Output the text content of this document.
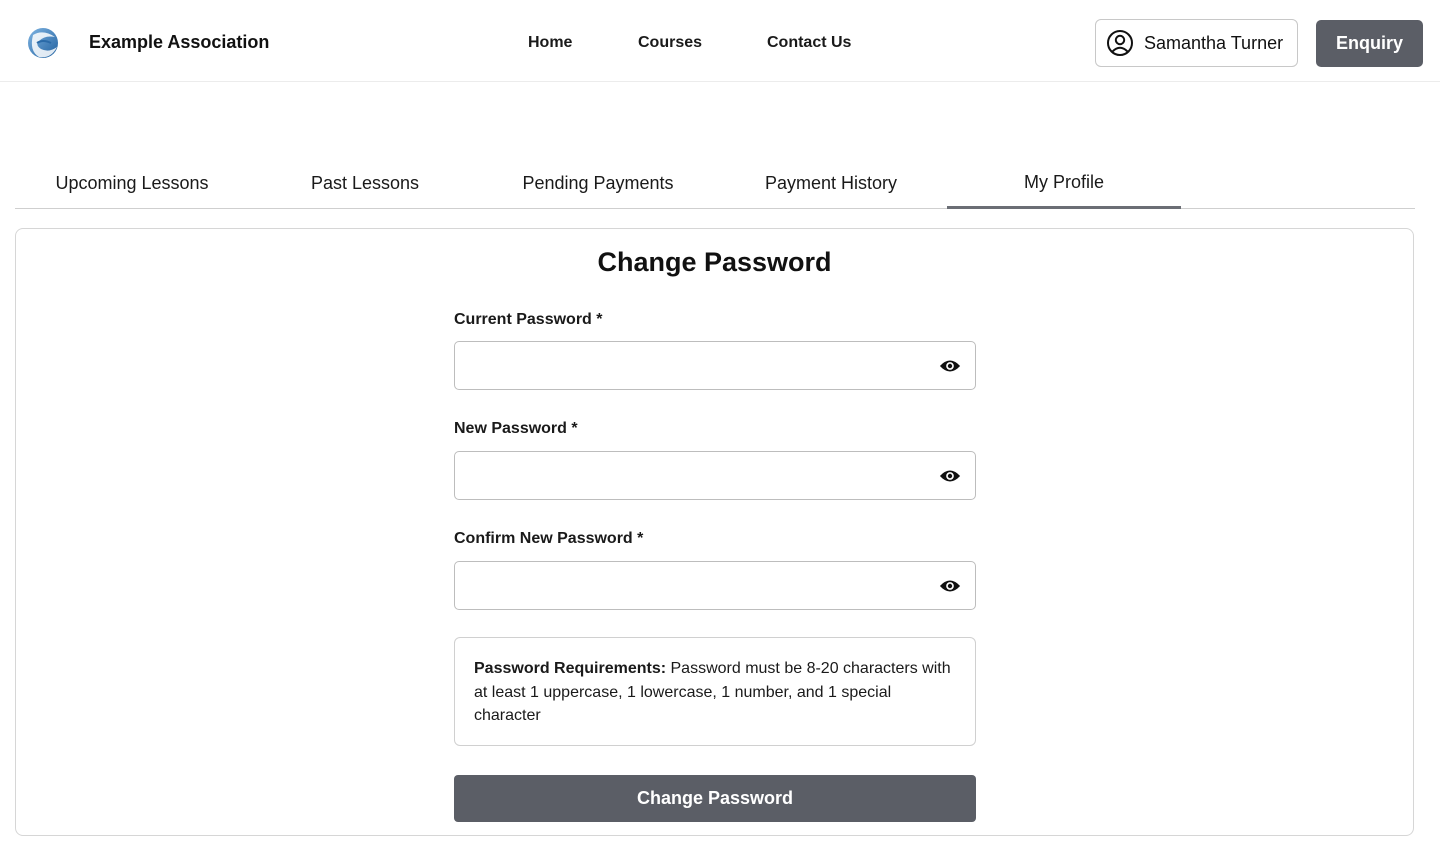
Example Association	Home	Courses	Contact Us	Samantha Turner	Enquiry
Upcoming Lessons	Past Lessons	Pending Payments	Payment History	My Profile
Change Password
Current Password *
New Password *
Confirm New Password *
Password Requirements: Password must be 8-20 characters with at least 1 uppercase, 1 lowercase, 1 number, and 1 special character
Change Password
